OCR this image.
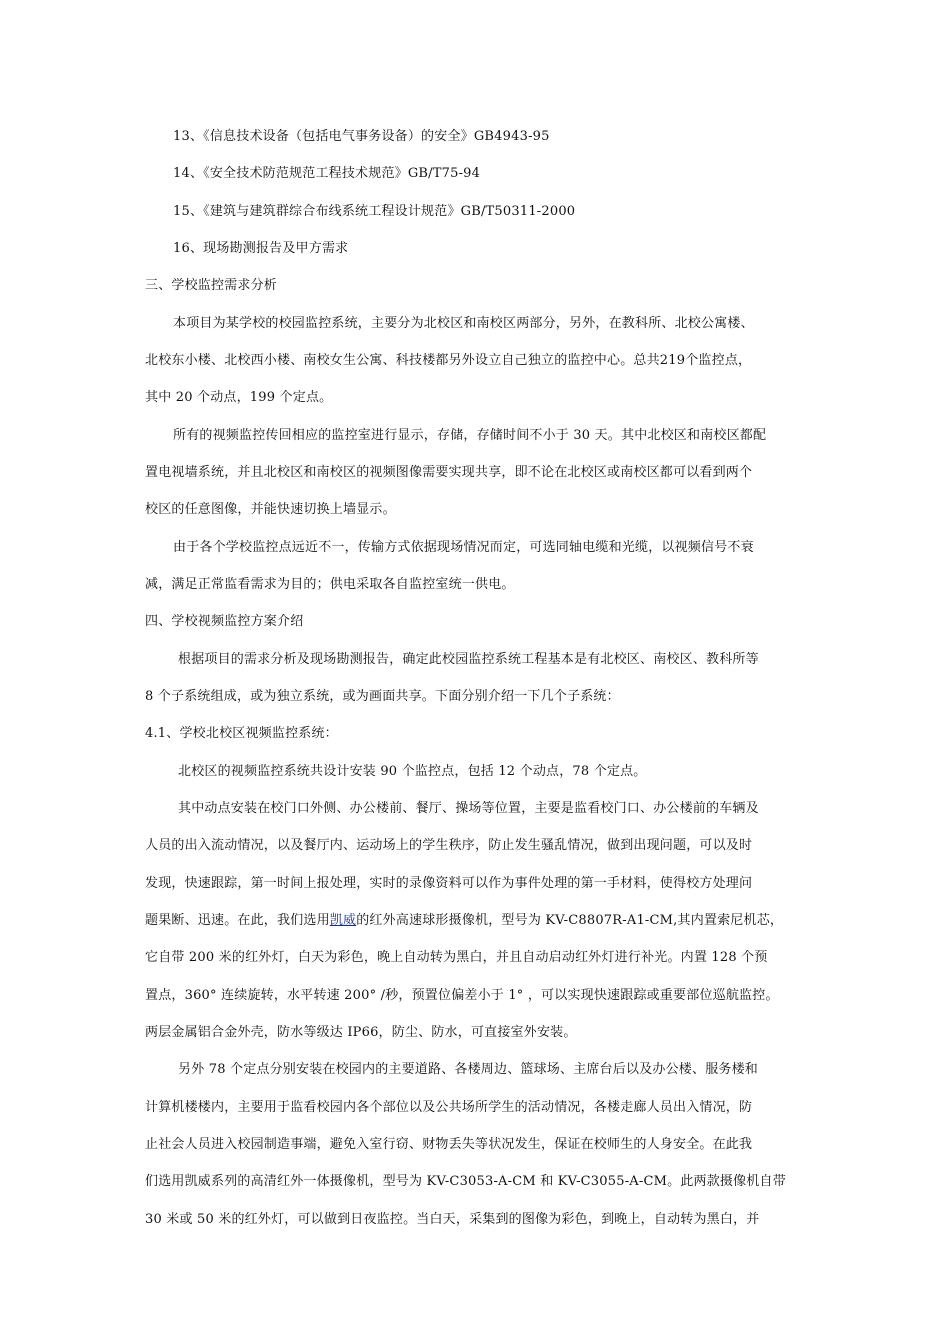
13、《信息技术设备（包括电气事务设备）的安全》GB4943-95
14、《安全技术防范规范工程技术规范》GB/T75-94
15、《建筑与建筑群综合布线系统工程设计规范》GB/T50311-2000
16、现场勘测报告及甲方需求
三、学校监控需求分析
本项目为某学校的校园监控系统，主要分为北校区和南校区两部分，另外，在教科所、北校公寓楼、
北校东小楼、北校西小楼、南校女生公寓、科技楼都另外设立自己独立的监控中心。总共219个监控点，
其中 20 个动点，199 个定点。
所有的视频监控传回相应的监控室进行显示，存储，存储时间不小于 30 天。其中北校区和南校区都配
置电视墙系统，并且北校区和南校区的视频图像需要实现共享，即不论在北校区或南校区都可以看到两个
校区的任意图像，并能快速切换上墙显示。
由于各个学校监控点远近不一，传输方式依据现场情况而定，可选同轴电缆和光缆，以视频信号不衰
减，满足正常监看需求为目的；供电采取各自监控室统一供电。
四、学校视频监控方案介绍
根据项目的需求分析及现场勘测报告，确定此校园监控系统工程基本是有北校区、南校区、教科所等
8 个子系统组成，或为独立系统，或为画面共享。下面分别介绍一下几个子系统：
4.1、学校北校区视频监控系统：
北校区的视频监控系统共设计安装 90 个监控点，包括 12 个动点，78 个定点。
其中动点安装在校门口外侧、办公楼前、餐厅、操场等位置，主要是监看校门口、办公楼前的车辆及
人员的出入流动情况，以及餐厅内、运动场上的学生秩序，防止发生骚乱情况，做到出现问题，可以及时
发现，快速跟踪，第一时间上报处理，实时的录像资料可以作为事件处理的第一手材料，使得校方处理问
题果断、迅速。在此，我们选用凯威的红外高速球形摄像机，型号为 KV-C8807R-A1-CM,其内置索尼机芯，
它自带 200 米的红外灯，白天为彩色，晚上自动转为黑白，并且自动启动红外灯进行补光。内置 128 个预
置点，360° 连续旋转，水平转速 200° /秒，预置位偏差小于 1° ，可以实现快速跟踪或重要部位巡航监控。
两层金属铝合金外壳，防水等级达 IP66，防尘、防水，可直接室外安装。
另外 78 个定点分别安装在校园内的主要道路、各楼周边、篮球场、主席台后以及办公楼、服务楼和
计算机楼楼内，主要用于监看校园内各个部位以及公共场所学生的活动情况，各楼走廊人员出入情况，防
止社会人员进入校园制造事端，避免入室行窃、财物丢失等状况发生，保证在校师生的人身安全。在此我
们选用凯威系列的高清红外一体摄像机，型号为 KV-C3053-A-CM 和 KV-C3055-A-CM。此两款摄像机自带
30 米或 50 米的红外灯，可以做到日夜监控。当白天，采集到的图像为彩色，到晚上，自动转为黑白，并
